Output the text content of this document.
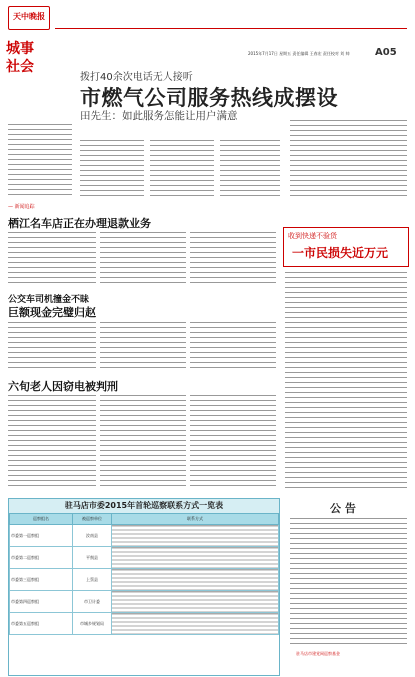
天中晚报
城事
社会
2015年7月17日 星期五 责任编辑 王春宏 责任校对 刘 帅	A05
拨打40余次电话无人接听
市燃气公司服务热线成摆设
田先生：如此服务怎能让用户满意
— 新闻追踪
栖江名车店正在办理退款业务
公交车司机撞金不昧
巨额现金完璧归赵
六旬老人因窃电被判刑
收到快递不验货
一市民损失近万元
驻马店市委2015年首轮巡察联系方式一览表
巡察组名	被巡察单位	联系方式
市委第一巡察组	汝南县	
市委第二巡察组	平舆县	
市委第三巡察组	上蔡县	
市委第四巡察组	市卫计委	
市委第五巡察组	市城乡规划局	
公 告
驻马店市建党网巡察基金
